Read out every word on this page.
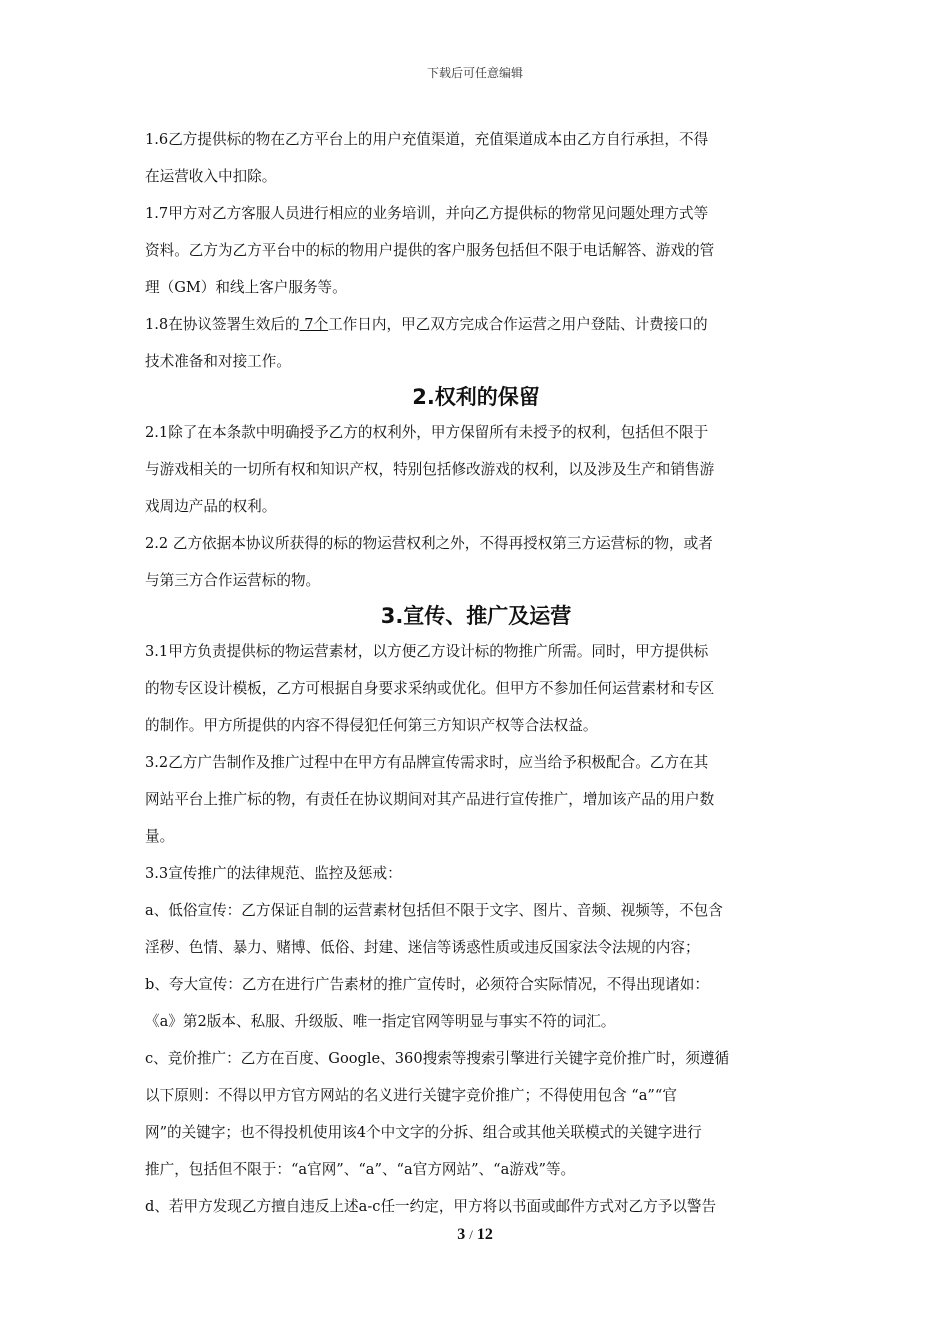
下载后可任意编辑

1.6乙方提供标的物在乙方平台上的用户充值渠道，充值渠道成本由乙方自行承担，不得

在运营收入中扣除。

1.7甲方对乙方客服人员进行相应的业务培训，并向乙方提供标的物常见问题处理方式等

资料。乙方为乙方平台中的标的物用户提供的客户服务包括但不限于电话解答、游戏的管

理（GM）和线上客户服务等。

1.8在协议签署生效后的 7个工作日内，甲乙双方完成合作运营之用户登陆、计费接口的

技术准备和对接工作。

2.权利的保留

2.1除了在本条款中明确授予乙方的权利外，甲方保留所有未授予的权利，包括但不限于

与游戏相关的一切所有权和知识产权，特别包括修改游戏的权利，以及涉及生产和销售游

戏周边产品的权利。

2.2 乙方依据本协议所获得的标的物运营权利之外，不得再授权第三方运营标的物，或者

与第三方合作运营标的物。

3.宣传、推广及运营

3.1甲方负责提供标的物运营素材，以方便乙方设计标的物推广所需。同时，甲方提供标

的物专区设计模板，乙方可根据自身要求采纳或优化。但甲方不参加任何运营素材和专区

的制作。甲方所提供的内容不得侵犯任何第三方知识产权等合法权益。

3.2乙方广告制作及推广过程中在甲方有品牌宣传需求时，应当给予积极配合。乙方在其

网站平台上推广标的物，有责任在协议期间对其产品进行宣传推广，增加该产品的用户数

量。

3.3宣传推广的法律规范、监控及惩戒：

a、低俗宣传：乙方保证自制的运营素材包括但不限于文字、图片、音频、视频等，不包含

淫秽、色情、暴力、赌博、低俗、封建、迷信等诱惑性质或违反国家法令法规的内容；

b、夸大宣传：乙方在进行广告素材的推广宣传时，必须符合实际情况，不得出现诸如：

《a》第2版本、私服、升级版、唯一指定官网等明显与事实不符的词汇。

c、竞价推广：乙方在百度、Google、360搜索等搜索引擎进行关键字竞价推广时，须遵循

以下原则：不得以甲方官方网站的名义进行关键字竞价推广；不得使用包含 “a”“官

网”的关键字；也不得投机使用该4个中文字的分拆、组合或其他关联模式的关键字进行

推广，包括但不限于：“a官网”、“a”、“a官方网站”、“a游戏”等。

d、若甲方发现乙方擅自违反上述a-c任一约定，甲方将以书面或邮件方式对乙方予以警告

3 / 12
